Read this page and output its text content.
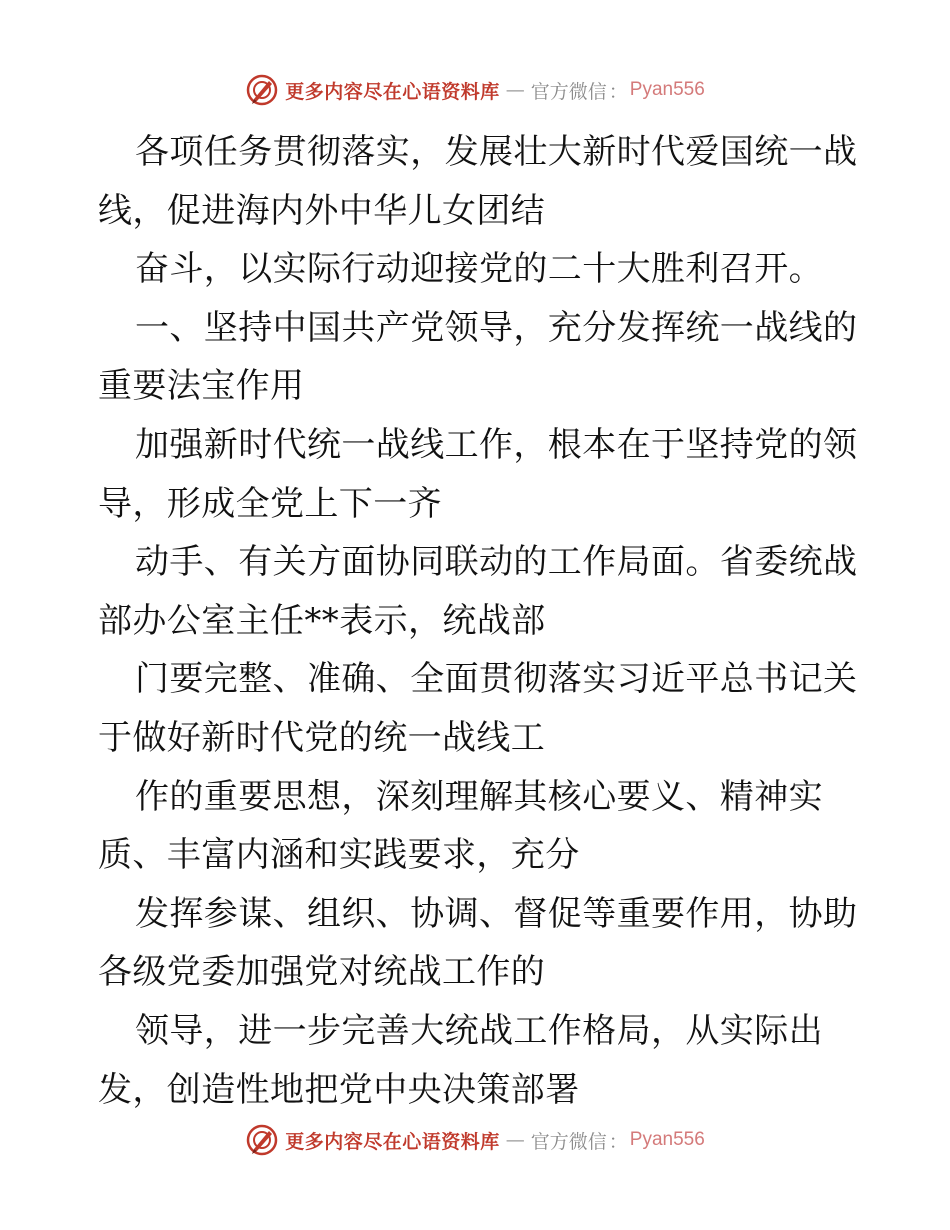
更多内容尽在心语资料库 — 官方微信 ： Pyan556
各项任务贯彻落实，发展壮大新时代爱国统一战
线，促进海内外中华儿女团结
奋斗，以实际行动迎接党的二十大胜利召开。
一、坚持中国共产党领导，充分发挥统一战线的
重要法宝作用
加强新时代统一战线工作，根本在于坚持党的领
导，形成全党上下一齐
动手、有关方面协同联动的工作局面。省委统战
部办公室主任**表示，统战部
门要完整、准确、全面贯彻落实习近平总书记关
于做好新时代党的统一战线工
作的重要思想，深刻理解其核心要义、精神实
质、丰富内涵和实践要求，充分
发挥参谋、组织、协调、督促等重要作用，协助
各级党委加强党对统战工作的
领导，进一步完善大统战工作格局，从实际出
发，创造性地把党中央决策部署
更多内容尽在心语资料库 — 官方微信 ： Pyan556
